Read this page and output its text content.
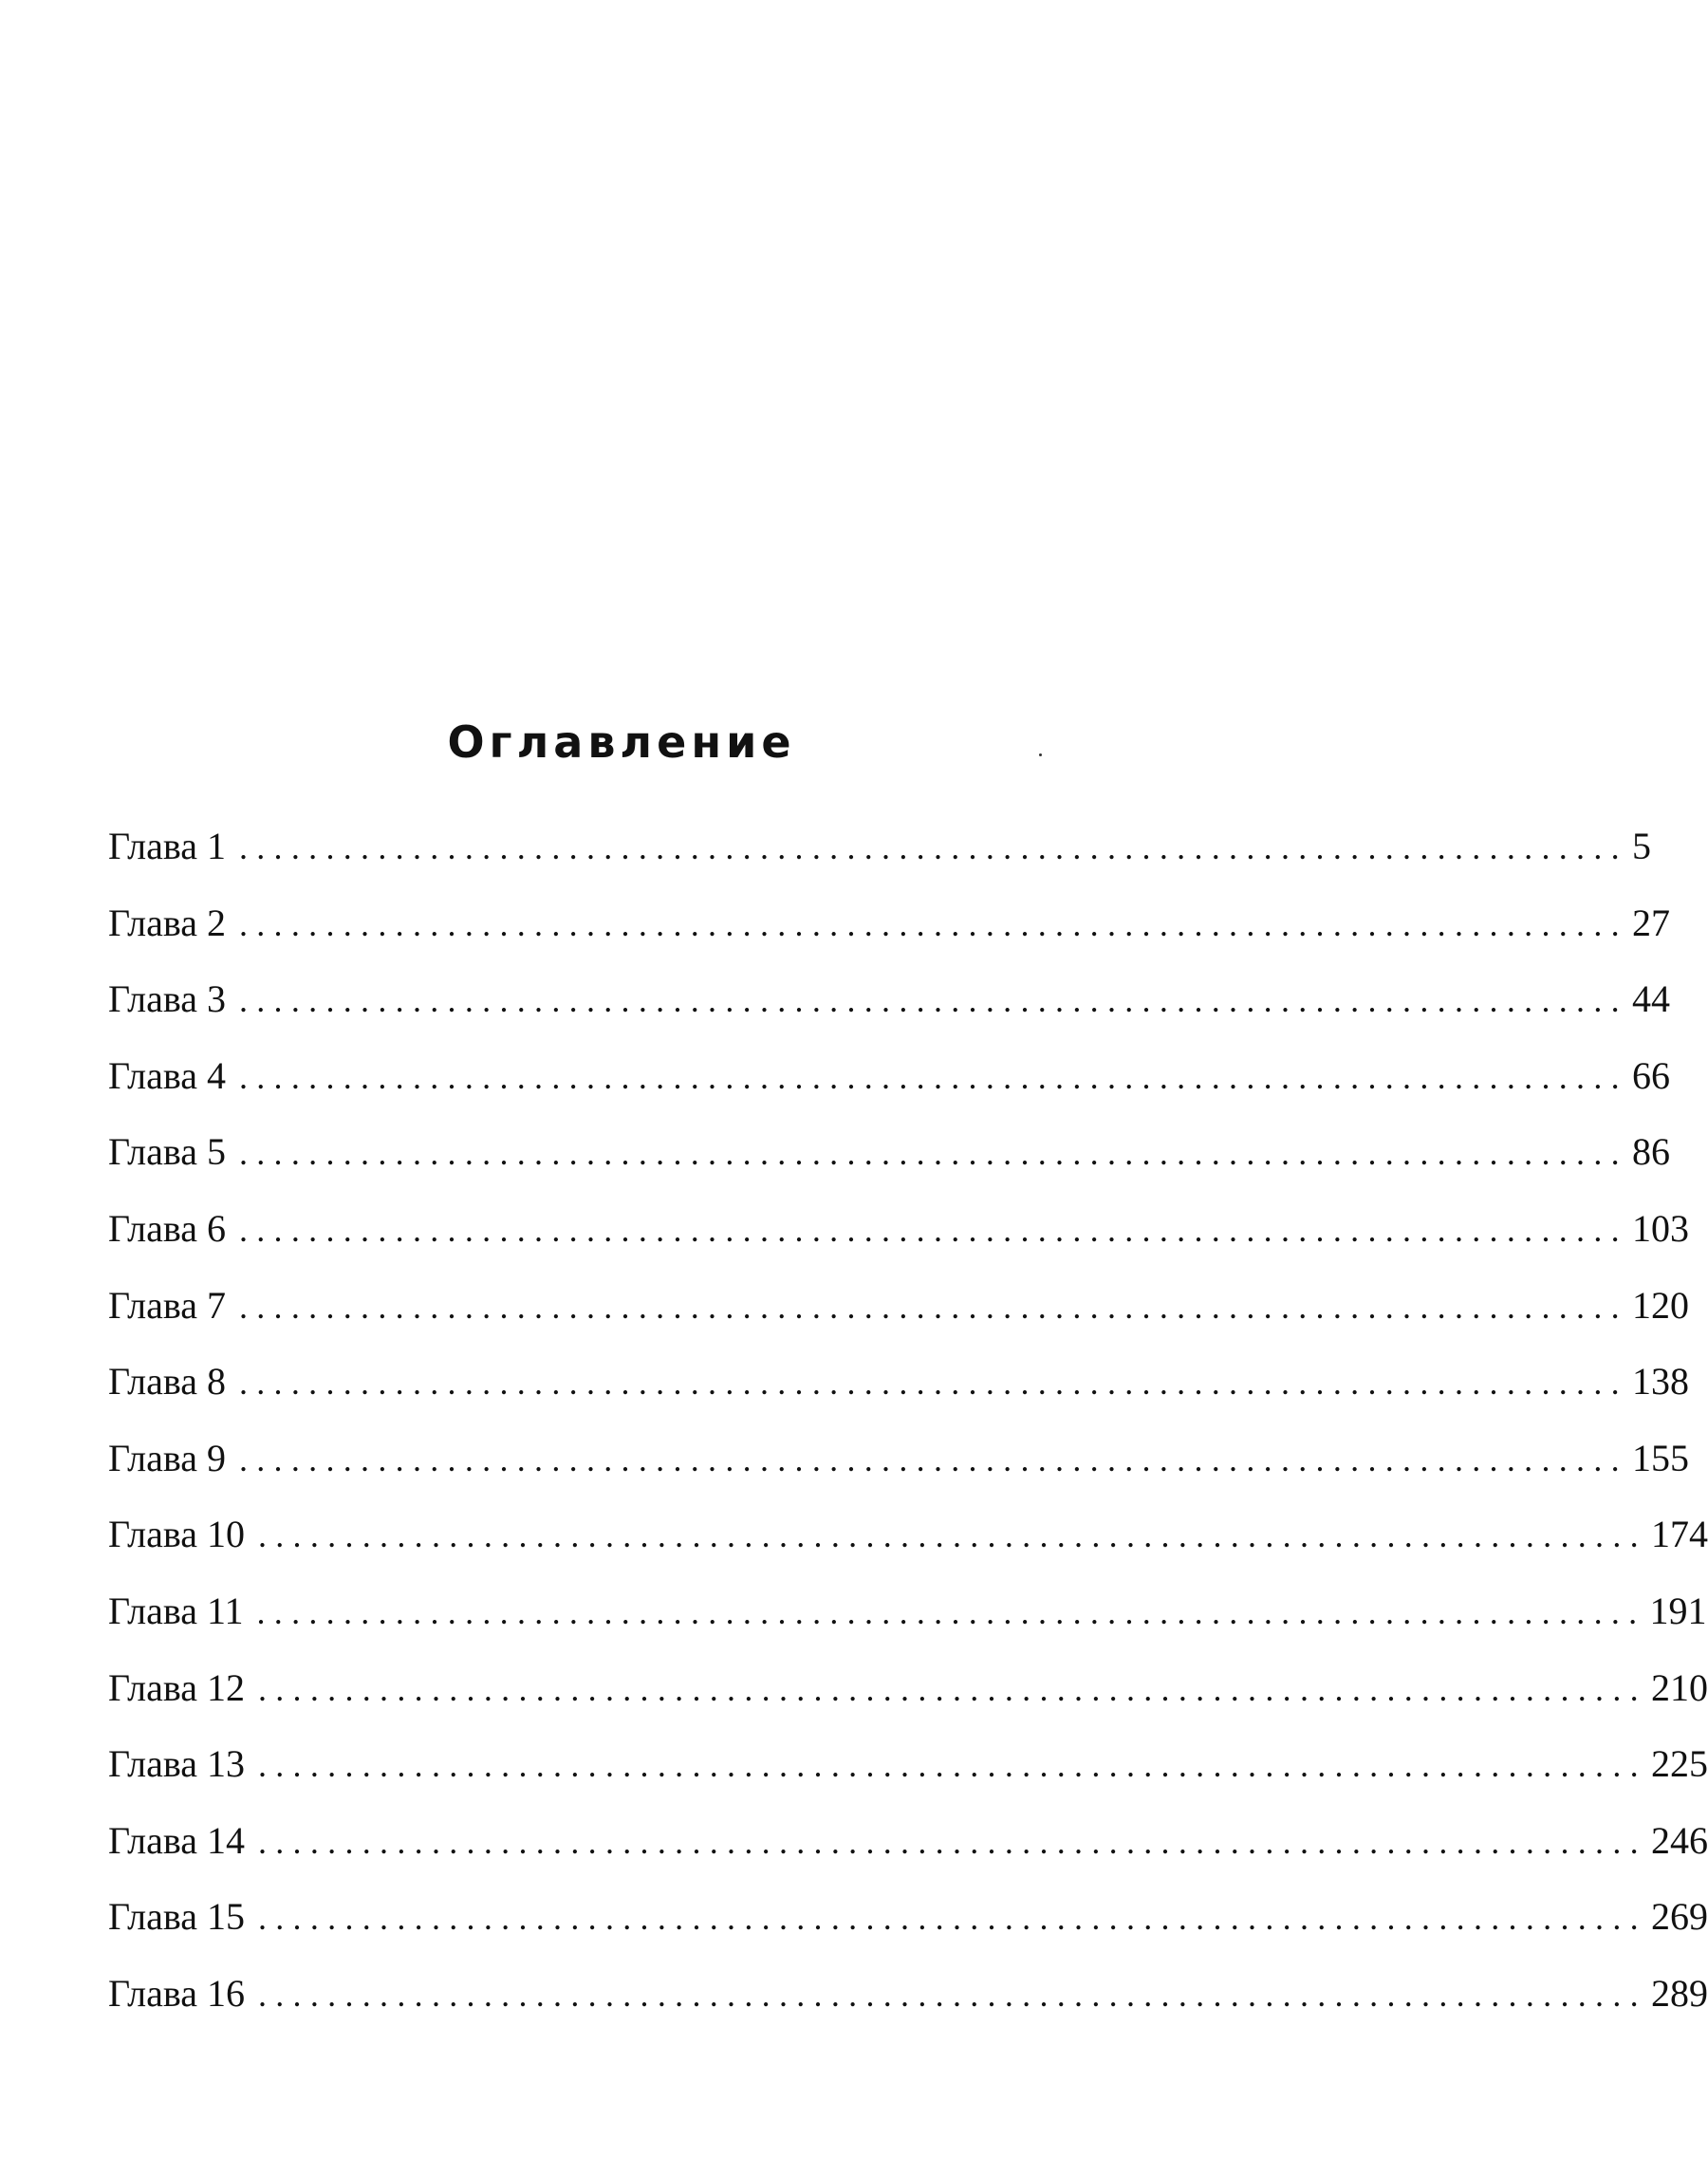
Оглавление
Глава 1 ................................................................................ 5
Глава 2 ................................................................................ 27
Глава 3 ................................................................................ 44
Глава 4 ................................................................................ 66
Глава 5 ................................................................................ 86
Глава 6 ................................................................................ 103
Глава 7 ................................................................................ 120
Глава 8 ................................................................................ 138
Глава 9 ................................................................................ 155
Глава 10 ................................................................................ 174
Глава 11 ................................................................................ 191
Глава 12 ................................................................................ 210
Глава 13 ................................................................................ 225
Глава 14 ................................................................................ 246
Глава 15 ................................................................................ 269
Глава 16 ................................................................................ 289
